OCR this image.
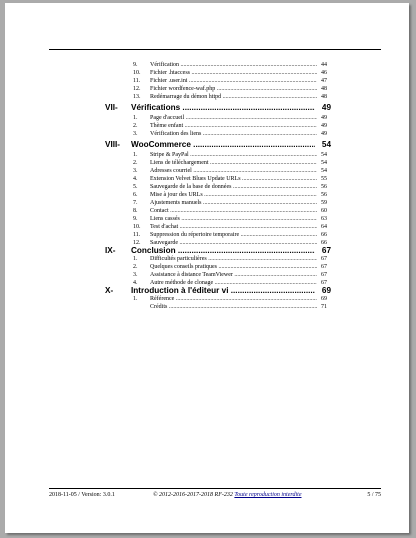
9.	Vérification .....	44
10.	Fichier .htaccess .....	46
11.	Fichier .user.ini .....	47
12.	Fichier wordfence-waf.php .....	48
13.	Redémarrage du démon httpd .....	48
VII- Vérifications .....	49
1.	Page d'accueil .....	49
2.	Thème enfant .....	49
3.	Vérification des liens .....	49
VIII- WooCommerce .....	54
1.	Stripe & PayPal .....	54
2.	Liens de téléchargement .....	54
3.	Adresses courriel .....	54
4.	Extension Velvet Blues Update URLs .....	55
5.	Sauvegarde de la base de données .....	56
6.	Mise à jour des URLs .....	56
7.	Ajustements manuels .....	59
8.	Contact .....	60
9.	Liens cassés .....	63
10.	Test d'achat .....	64
11.	Suppression du répertoire temporaire .....	66
12.	Sauvegarde .....	66
IX- Conclusion .....	67
1.	Difficultés particulières .....	67
2.	Quelques conseils pratiques .....	67
3.	Assistance à distance TeamViewer .....	67
4.	Autre méthode de clonage .....	67
X- Introduction à l'éditeur vi .....	69
1.	Référence .....	69
Crédits .....	71
2018-11-05 / Version: 3.0.1	© 2012-2016-2017-2018 RF-232 Toute reproduction interdite	5 / 75
